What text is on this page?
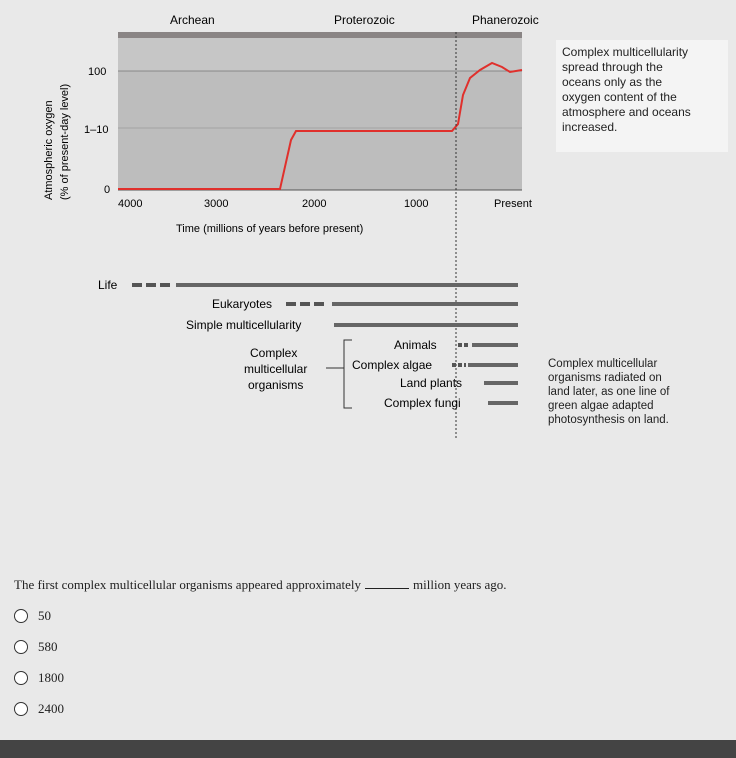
Archean	Proterozoic	Phanerozoic
Atmospheric oxygen (% of present-day level)
100
1–10
0
4000	3000	2000	1000	Present
Time (millions of years before present)
Life
Eukaryotes
Simple multicellularity
Complex
multicellular
organisms
Animals
Complex algae
Land plants
Complex fungi
Complex multicellularity
spread through the
oceans only as the
oxygen content of the
atmosphere and oceans
increased.
Complex multicellular
organisms radiated on
land later, as one line of
green algae adapted
photosynthesis on land.
The first complex multicellular organisms appeared approximately	million years ago.
50
580
1800
2400
